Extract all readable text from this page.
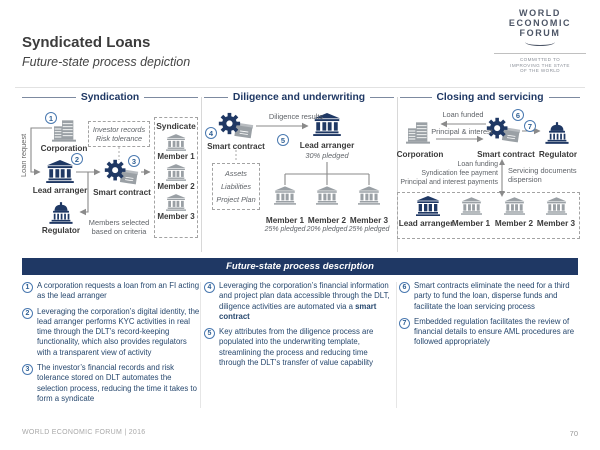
Syndicated Loans
Future-state process depiction
WORLD
ECONOMIC
FORUM
COMMITTED TO
IMPROVING THE STATE
OF THE WORLD
Syndication	Diligence and underwriting	Closing and servicing
Loan request
1
Corporation
2
Lead arranger
3
Smart contract
Regulator
Investor records
Risk tolerance
Members selected
based on criteria
Syndicate
Member 1
Member 2
Member 3
4
Smart contract
Diligence results
5
Lead arranger
30% pledged
Assets
Liabilities
Project Plan
Member 1 Member 2 Member 3
25% pledged 20% pledged 25% pledged
Loan funded
Principal & interest
Corporation
6
7
Smart contract Regulator
Loan funding
Syndication fee payment
Principal and interest payments
Servicing documents
dispersion
Lead arranger
Member 1 Member 2 Member 3
Future-state process description
1 A corporation requests a loan from an FI acting as the lead arranger
2 Leveraging the corporation’s digital identity, the lead arranger performs KYC activities in real time through the DLT’s record-keeping functionality, which also provides regulators with a transparent view of activity
3 The investor’s financial records and risk tolerance stored on DLT automates the selection process, reducing the time it takes to form a syndicate
4 Leveraging the corporation’s financial information and project plan data accessible through the DLT, diligence activities are automated via a smart contract
5 Key attributes from the diligence process are populated into the underwriting template, streamlining the process and reducing time through the DLT’s transfer of value capability
6 Smart contracts eliminate the need for a third party to fund the loan, disperse funds and facilitate the loan servicing process
7 Embedded regulation facilitates the review of financial details to ensure AML procedures are followed appropriately
WORLD ECONOMIC FORUM | 2016	70
